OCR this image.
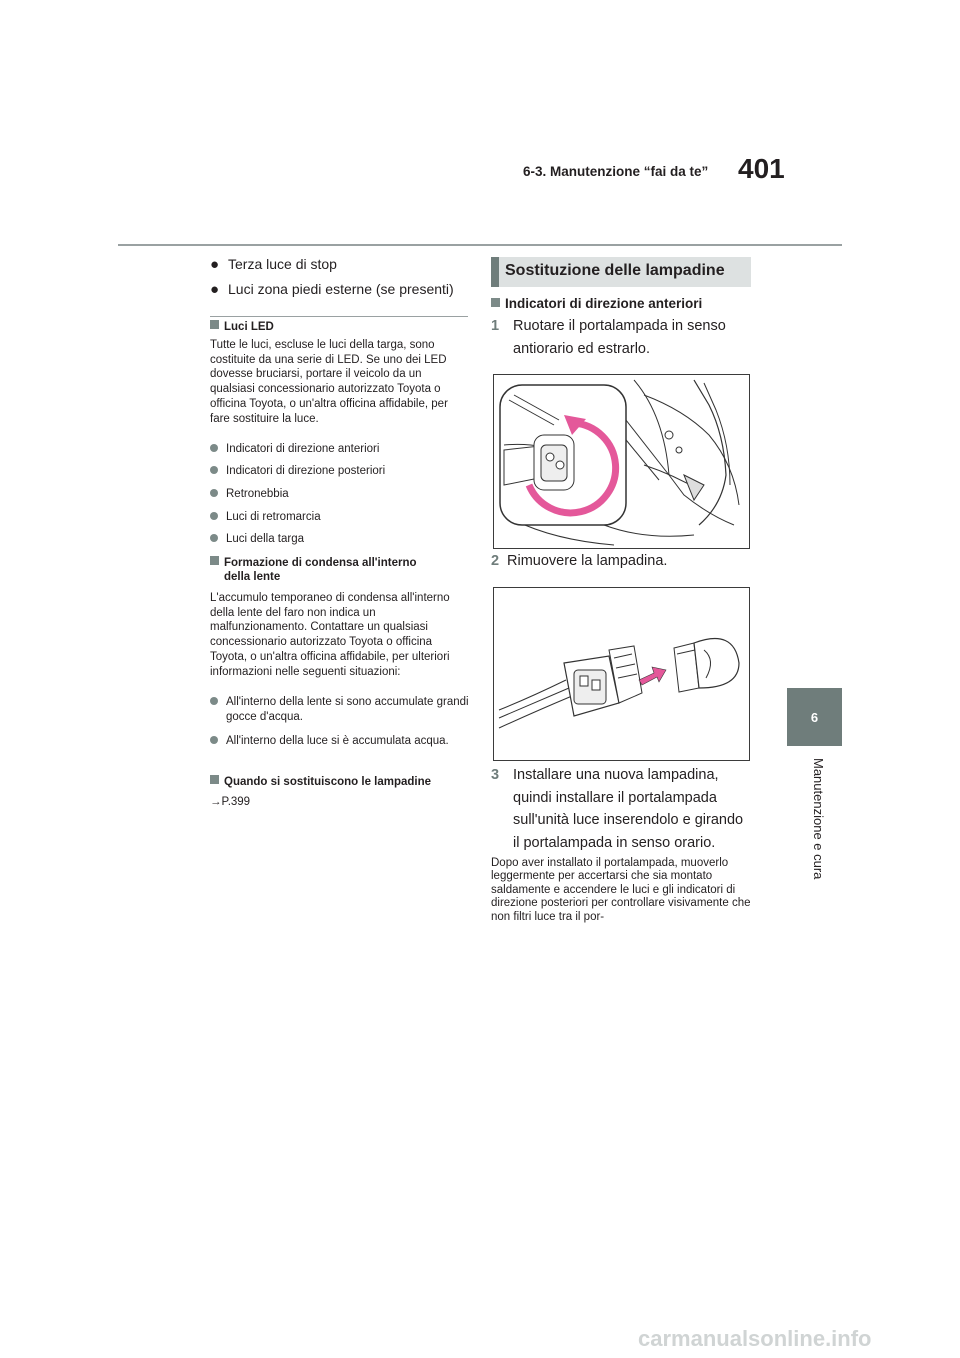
6-3. Manutenzione “fai da te” 401
6
Manutenzione e cura
● Terza luce di stop
● Luci zona piedi esterne (se presenti)
Luci LED
Tutte le luci, escluse le luci della targa, sono costituite da una serie di LED. Se uno dei LED dovesse bruciarsi, portare il veicolo da un qualsiasi concessionario autorizzato Toyota o officina Toyota, o un'altra officina affidabile, per fare sostituire la luce.
Indicatori di direzione anteriori
Indicatori di direzione posteriori
Retronebbia
Luci di retromarcia
Luci della targa
Formazione di condensa all'interno
della lente
L'accumulo temporaneo di condensa all'interno della lente del faro non indica un malfunzionamento. Contattare un qualsiasi concessionario autorizzato Toyota o officina Toyota, o un'altra officina affidabile, per ulteriori informazioni nelle seguenti situazioni:
All'interno della lente si sono accumulate grandi gocce d'acqua.
All'interno della luce si è accumulata acqua.
Quando si sostituiscono le lampadine
→P.399
Sostituzione delle lampadine
Indicatori di direzione anteriori
1 Ruotare il portalampada in senso antiorario ed estrarlo.
2 Rimuovere la lampadina.
3 Installare una nuova lampadina, quindi installare il portalampada sull'unità luce inserendolo e girando il portalampada in senso orario.
Dopo aver installato il portalampada, muoverlo leggermente per accertarsi che sia montato saldamente e accendere le luci e gli indicatori di direzione posteriori per controllare visivamente che non filtri luce tra il por-
carmanualsonline.info
